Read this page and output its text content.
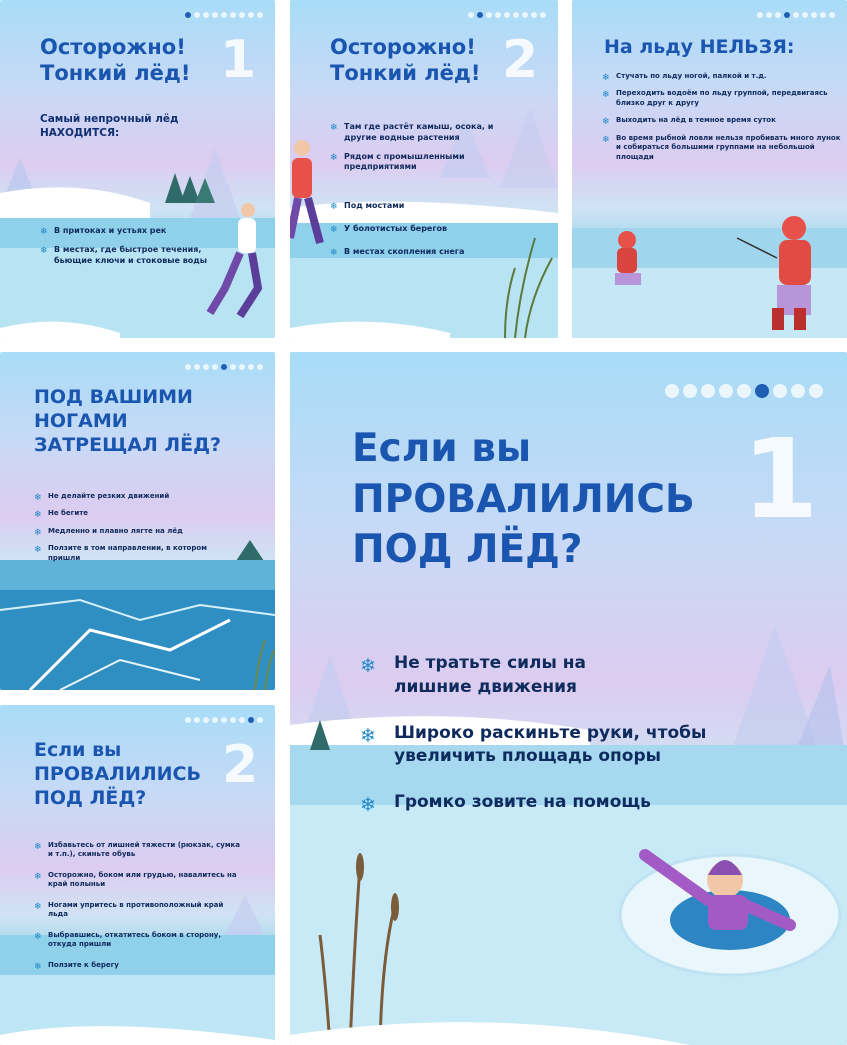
Осторожно!
Тонкий лёд! 1
Самый непрочный лёд
НАХОДИТСЯ:
❄ В притоках и устьях рек
❄ В местах, где быстрое течения, бьющие ключи и стоковые воды
Осторожно!
Тонкий лёд! 2
❄ Там где растёт камыш, осока, и другие водные растения
❄ Рядом с промышленными предприятиями
❄ Под мостами
❄ У болотистых берегов
❄ В местах скопления снега
На льду НЕЛЬЗЯ:
❄ Стучать по льду ногой, палкой и т.д.
❄ Переходить водоём по льду группой, передвигаясь близко друг к другу
❄ Выходить на лёд в темное время суток
❄ Во время рыбной ловли нельзя пробивать много лунок и собираться большими группами на небольшой площади
ПОД ВАШИМИ
НОГАМИ
ЗАТРЕЩАЛ ЛЁД?
❄ Не делайте резких движений
❄ Не бегите
❄ Медленно и плавно лягте на лёд
❄ Ползите в том направлении, в котором пришли
Если вы
ПРОВАЛИЛИСЬ
ПОД ЛЁД?
1
❄ Не тратьте силы на лишние движения
❄ Широко раскиньте руки, чтобы увеличить площадь опоры
❄ Громко зовите на помощь
Если вы
ПРОВАЛИЛИСЬ
ПОД ЛЁД?
2
❄ Избавьтесь от лишней тяжести (рюкзак, сумка и т.п.), скиньте обувь
❄ Осторожно, боком или грудью, навалитесь на край полыньи
❄ Ногами упритесь в противоположный край льда
❄ Выбравшись, откатитесь боком в сторону, откуда пришли
❄ Ползите к берегу
